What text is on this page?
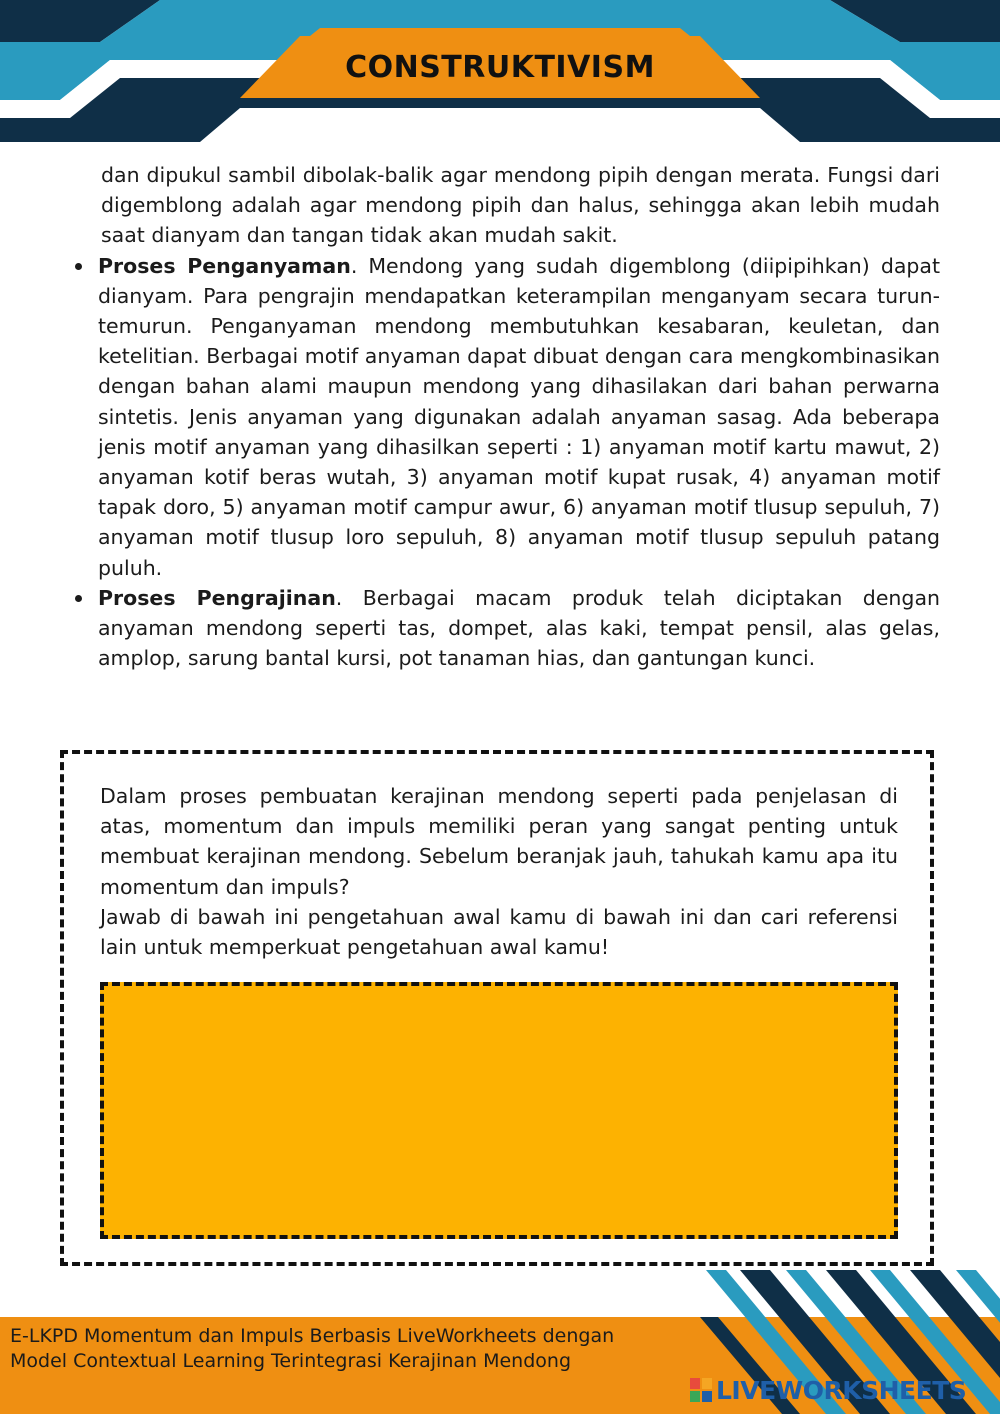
CONSTRUKTIVISM

dan dipukul sambil dibolak-balik agar mendong pipih dengan merata. Fungsi dari digemblong adalah agar mendong pipih dan halus, sehingga akan lebih mudah saat dianyam dan tangan tidak akan mudah sakit.

Proses Penganyaman. Mendong yang sudah digemblong (diipipihkan) dapat dianyam. Para pengrajin mendapatkan keterampilan menganyam secara turun-temurun. Penganyaman mendong membutuhkan kesabaran, keuletan, dan ketelitian. Berbagai motif anyaman dapat dibuat dengan cara mengkombinasikan dengan bahan alami maupun mendong yang dihasilakan dari bahan perwarna sintetis. Jenis anyaman yang digunakan adalah anyaman sasag. Ada beberapa jenis motif anyaman yang dihasilkan seperti : 1) anyaman motif kartu mawut, 2) anyaman kotif beras wutah, 3) anyaman motif kupat rusak, 4) anyaman motif tapak doro, 5) anyaman motif campur awur, 6) anyaman motif tlusup sepuluh, 7) anyaman motif tlusup loro sepuluh, 8) anyaman motif tlusup sepuluh patang puluh.
Proses Pengrajinan. Berbagai macam produk telah diciptakan dengan anyaman mendong seperti tas, dompet, alas kaki, tempat pensil, alas gelas, amplop, sarung bantal kursi, pot tanaman hias, dan gantungan kunci.

Dalam proses pembuatan kerajinan mendong seperti pada penjelasan di atas, momentum dan impuls memiliki peran yang sangat penting untuk membuat kerajinan mendong. Sebelum beranjak jauh, tahukah kamu apa itu momentum dan impuls?

Jawab di bawah ini pengetahuan awal kamu di bawah ini dan cari referensi lain untuk memperkuat pengetahuan awal kamu!

E-LKPD Momentum dan Impuls Berbasis LiveWorkheets dengan
Model Contextual Learning Terintegrasi Kerajinan Mendong
LIVEWORKSHEETS
